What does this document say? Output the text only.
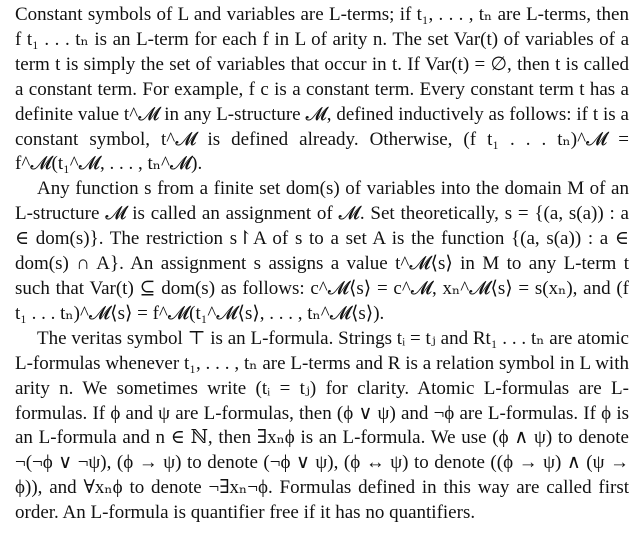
Constant symbols of L and variables are L-terms; if t₁, . . . , tₙ are L-terms, then f t₁ . . . tₙ is an L-term for each f in L of arity n. The set Var(t) of variables of a term t is simply the set of variables that occur in t. If Var(t) = ∅, then t is called a constant term. For example, f c is a constant term. Every constant term t has a definite value t^𝓜 in any L-structure 𝓜, defined inductively as follows: if t is a constant symbol, t^𝓜 is defined already. Otherwise, (f t₁ . . . tₙ)^𝓜 = f^𝓜(t₁^𝓜, . . . , tₙ^𝓜).

Any function s from a finite set dom(s) of variables into the domain M of an L-structure 𝓜 is called an assignment of 𝓜. Set theoretically, s = {(a, s(a)) : a ∈ dom(s)}. The restriction s↾A of s to a set A is the function {(a, s(a)) : a ∈ dom(s) ∩ A}. An assignment s assigns a value t^𝓜⟨s⟩ in M to any L-term t such that Var(t) ⊆ dom(s) as follows: c^𝓜⟨s⟩ = c^𝓜, xₙ^𝓜⟨s⟩ = s(xₙ), and (f t₁ . . . tₙ)^𝓜⟨s⟩ = f^𝓜(t₁^𝓜⟨s⟩, . . . , tₙ^𝓜⟨s⟩).

The veritas symbol ⊤ is an L-formula. Strings tᵢ = tⱼ and Rt₁ . . . tₙ are atomic L-formulas whenever t₁, . . . , tₙ are L-terms and R is a relation symbol in L with arity n. We sometimes write (tᵢ = tⱼ) for clarity. Atomic L-formulas are L-formulas. If ϕ and ψ are L-formulas, then (ϕ ∨ ψ) and ¬ϕ are L-formulas. If ϕ is an L-formula and n ∈ ℕ, then ∃xₙϕ is an L-formula. We use (ϕ ∧ ψ) to denote ¬(¬ϕ ∨ ¬ψ), (ϕ → ψ) to denote (¬ϕ ∨ ψ), (ϕ ↔ ψ) to denote ((ϕ → ψ) ∧ (ψ → ϕ)), and ∀xₙϕ to denote ¬∃xₙ¬ϕ. Formulas defined in this way are called first order. An L-formula is quantifier free if it has no quantifiers.
